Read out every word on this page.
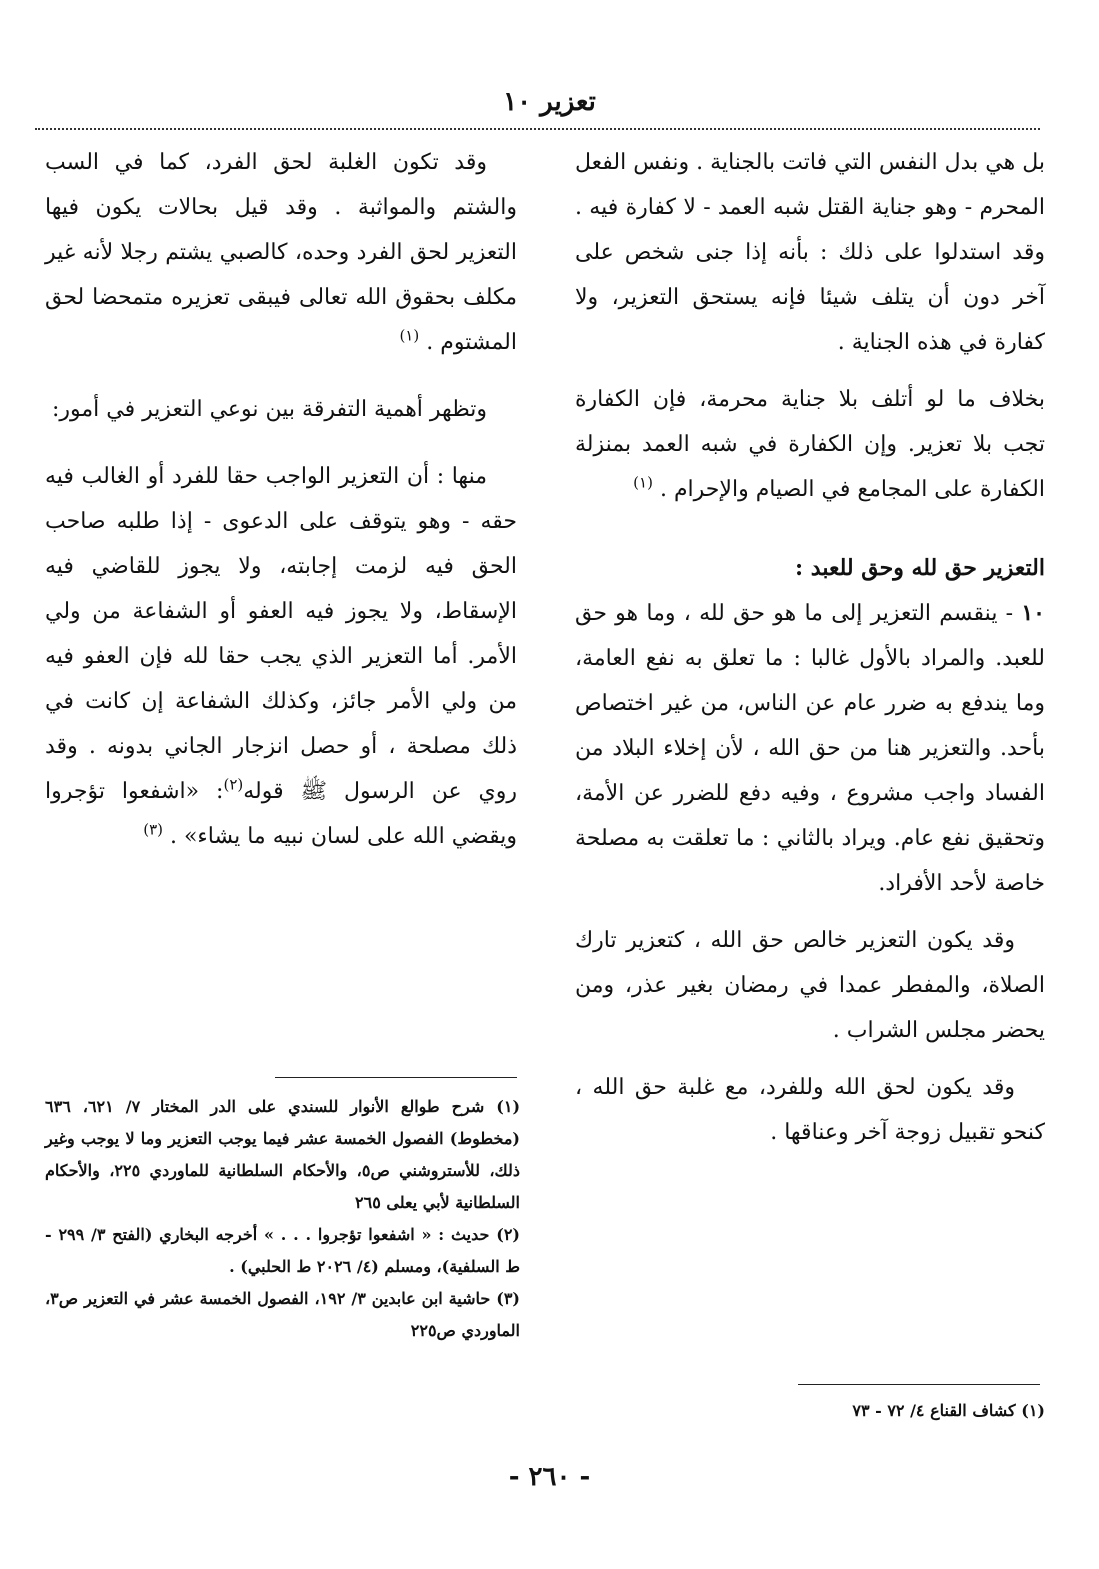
تعزير ١٠

بل هي بدل النفس التي فاتت بالجناية . ونفس الفعل المحرم - وهو جناية القتل شبه العمد - لا كفارة فيه . وقد استدلوا على ذلك : بأنه إذا جنى شخص على آخر دون أن يتلف شيئا فإنه يستحق التعزير، ولا كفارة في هذه الجناية .

بخلاف ما لو أتلف بلا جناية محرمة، فإن الكفارة تجب بلا تعزير. وإن الكفارة في شبه العمد بمنزلة الكفارة على المجامع في الصيام والإحرام . $^{(١)}$

التعزير حق لله وحق للعبد :

١٠ - ينقسم التعزير إلى ما هو حق لله ، وما هو حق للعبد. والمراد بالأول غالبا : ما تعلق به نفع العامة، وما يندفع به ضرر عام عن الناس، من غير اختصاص بأحد. والتعزير هنا من حق الله ، لأن إخلاء البلاد من الفساد واجب مشروع ، وفيه دفع للضرر عن الأمة، وتحقيق نفع عام. ويراد بالثاني : ما تعلقت به مصلحة خاصة لأحد الأفراد.

وقد يكون التعزير خالص حق الله ، كتعزير تارك الصلاة، والمفطر عمدا في رمضان بغير عذر، ومن يحضر مجلس الشراب .

وقد يكون لحق الله وللفرد، مع غلبة حق الله ، كنحو تقبيل زوجة آخر وعناقها .

وقد تكون الغلبة لحق الفرد، كما في السب والشتم والمواثبة . وقد قيل بحالات يكون فيها التعزير لحق الفرد وحده، كالصبي يشتم رجلا لأنه غير مكلف بحقوق الله تعالى فيبقى تعزيره متمحضا لحق المشتوم . $^{(١)}$

وتظهر أهمية التفرقة بين نوعي التعزير في أمور:

منها : أن التعزير الواجب حقا للفرد أو الغالب فيه حقه - وهو يتوقف على الدعوى - إذا طلبه صاحب الحق فيه لزمت إجابته، ولا يجوز للقاضي فيه الإسقاط، ولا يجوز فيه العفو أو الشفاعة من ولي الأمر. أما التعزير الذي يجب حقا لله فإن العفو فيه من ولي الأمر جائز، وكذلك الشفاعة إن كانت في ذلك مصلحة ، أو حصل انزجار الجاني بدونه . وقد روي عن الرسول ﷺ قوله$^{(٢)}$: «اشفعوا تؤجروا ويقضي الله على لسان نبيه ما يشاء» . $^{(٣)}$

(١) شرح طوالع الأنوار للسندي على الدر المختار ٧/ ٦٢١، ٦٣٦ (مخطوط) الفصول الخمسة عشر فيما يوجب التعزير وما لا يوجب وغير ذلك، للأستروشني ص٥، والأحكام السلطانية للماوردي ٢٢٥، والأحكام السلطانية لأبي يعلى ٢٦٥

(٢) حديث : « اشفعوا تؤجروا . . . » أخرجه البخاري (الفتح ٣/ ٢٩٩ - ط السلفية)، ومسلم (٤/ ٢٠٢٦ ط الحلبي) .

(٣) حاشية ابن عابدين ٣/ ١٩٢، الفصول الخمسة عشر في التعزير ص٣، الماوردي ص٢٢٥

(١) كشاف القناع ٤/ ٧٢ - ٧٣

- ٢٦٠ -
